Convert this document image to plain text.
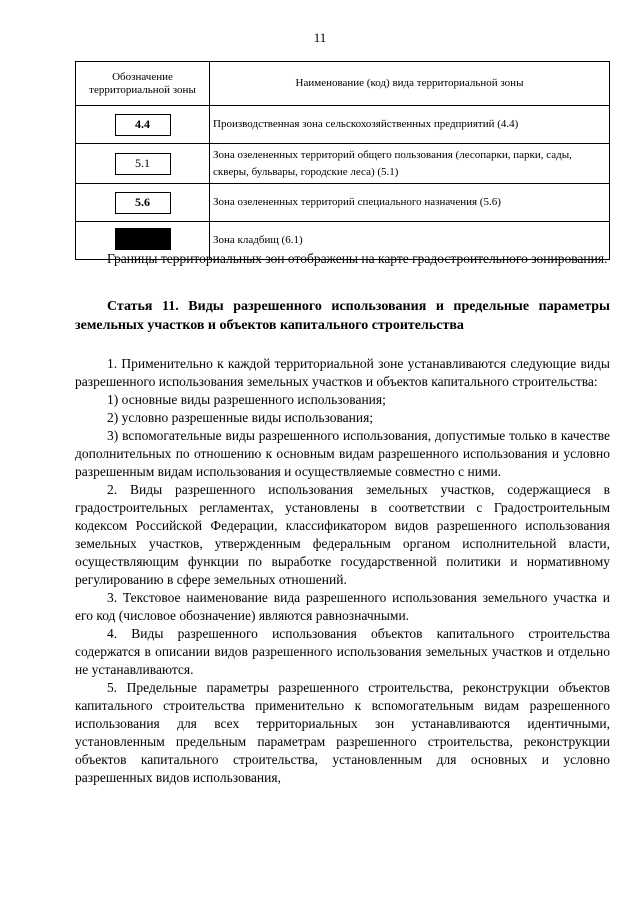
11
Обозначение территориальной зоны	Наименование (код) вида территориальной зоны
4.4	Производственная зона сельскохозяйственных предприятий (4.4)
5.1	Зона озелененных территорий общего пользования (лесопарки, парки, сады, скверы, бульвары, городские леса) (5.1)
5.6	Зона озелененных территорий специального назначения (5.6)
	Зона кладбищ (6.1)

Границы территориальных зон отображены на карте градостроительного зонирования.

Статья 11. Виды разрешенного использования и предельные параметры земельных участков и объектов капитального строительства

1. Применительно к каждой территориальной зоне устанавливаются следующие виды разрешенного использования земельных участков и объектов капитального строительства:

1) основные виды разрешенного использования;

2) условно разрешенные виды использования;

3) вспомогательные виды разрешенного использования, допустимые только в качестве дополнительных по отношению к основным видам разрешенного использования и условно разрешенным видам использования и осуществляемые совместно с ними.

2. Виды разрешенного использования земельных участков, содержащиеся в градостроительных регламентах, установлены в соответствии с Градостроительным кодексом Российской Федерации, классификатором видов разрешенного использования земельных участков, утвержденным федеральным органом исполнительной власти, осуществляющим функции по выработке государственной политики и нормативному регулированию в сфере земельных отношений.

3. Текстовое наименование вида разрешенного использования земельного участка и его код (числовое обозначение) являются равнозначными.

4. Виды разрешенного использования объектов капитального строительства содержатся в описании видов разрешенного использования земельных участков и отдельно не устанавливаются.

5. Предельные параметры разрешенного строительства, реконструкции объектов капитального строительства применительно к вспомогательным видам разрешенного использования для всех территориальных зон устанавливаются идентичными, установленным предельным параметрам разрешенного строительства, реконструкции объектов капитального строительства, установленным для основных и условно разрешенных видов использования,
